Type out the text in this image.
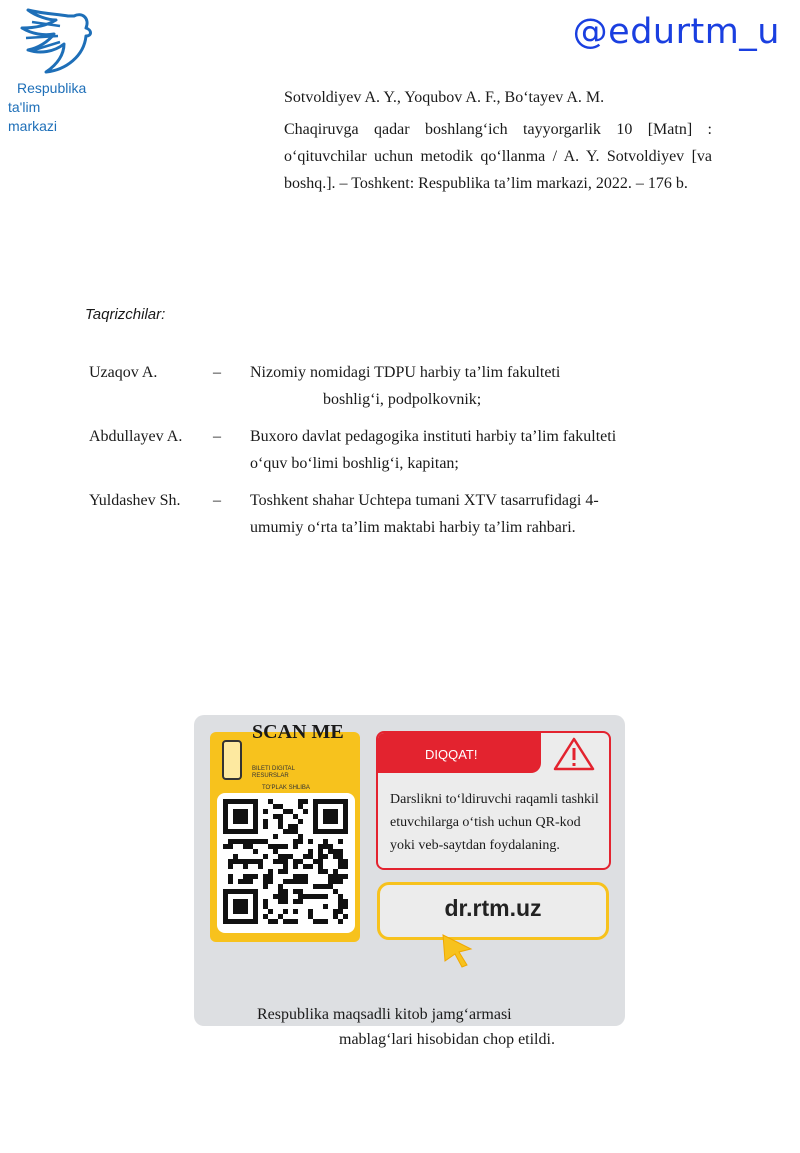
Respublika
ta'lim
markazi
@edurtm_u
Sotvoldiyev A. Y., Yoqubov A. F., Bo‘tayev A. M.
Chaqiruvga qadar boshlang‘ich tayyorgarlik 10 [Matn] : o‘qituvchilar uchun metodik qo‘llanma / A. Y. Sotvoldiyev [va boshq.]. – Toshkent: Respublika ta’lim markazi, 2022. – 176 b.
Taqrizchilar:
Uzaqov A.	– Nizomiy nomidagi TDPU harbiy ta’lim fakulteti
boshlig‘i, podpolkovnik;
Abdullayev A. – Buxoro davlat pedagogika instituti harbiy ta’lim fakulteti
o‘quv bo‘limi boshlig‘i, kapitan;
Yuldashev Sh. – Toshkent shahar Uchtepa tumani XTV tasarrufidagi 4-
umumiy o‘rta ta’lim maktabi harbiy ta’lim rahbari.
SCAN ME
BILETI DIGITAL RESURSLAR
TO‘PLAK SHLIBA
DIQQAT!
Darslikni to‘ldiruvchi raqamli tashkil etuvchilarga o‘tish uchun QR-kod yoki veb-saytdan foydalaning.
dr.rtm.uz
Respublika maqsadli kitob jamg‘armasi
mablag‘lari hisobidan chop etildi.
